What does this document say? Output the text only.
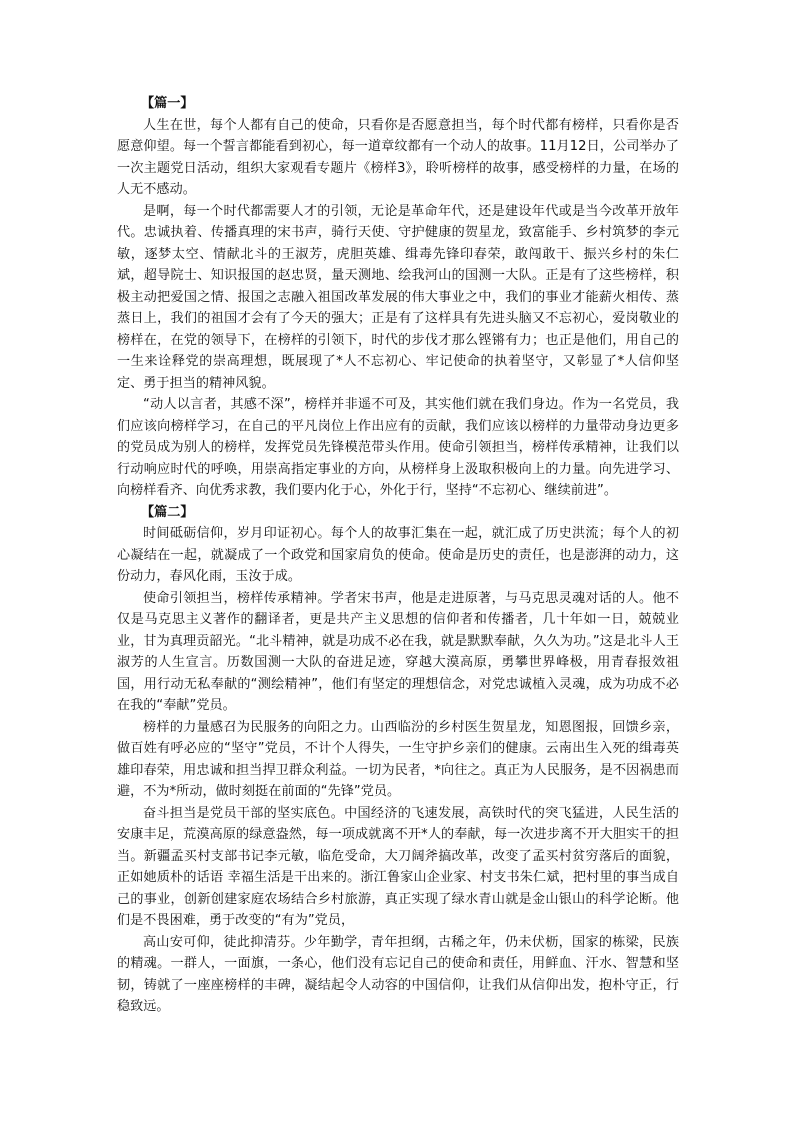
【篇一】

人生在世，每个人都有自己的使命，只看你是否愿意担当，每个时代都有榜样，只看你是否愿意仰望。每一个誓言都能看到初心，每一道章纹都有一个动人的故事。11月12日，公司举办了一次主题党日活动，组织大家观看专题片《榜样3》，聆听榜样的故事，感受榜样的力量，在场的人无不感动。

是啊，每一个时代都需要人才的引领，无论是革命年代，还是建设年代或是当今改革开放年代。忠诚执着、传播真理的宋书声，骑行天使、守护健康的贺星龙，致富能手、乡村筑梦的李元敏，逐梦太空、情献北斗的王淑芳，虎胆英雄、缉毒先锋印春荣，敢闯敢干、振兴乡村的朱仁斌，超导院士、知识报国的赵忠贤，量天测地、绘我河山的国测一大队。正是有了这些榜样，积极主动把爱国之情、报国之志融入祖国改革发展的伟大事业之中，我们的事业才能薪火相传、蒸蒸日上，我们的祖国才会有了今天的强大；正是有了这样具有先进头脑又不忘初心，爱岗敬业的榜样在，在党的领导下，在榜样的引领下，时代的步伐才那么铿锵有力；也正是他们，用自己的一生来诠释党的崇高理想，既展现了*人不忘初心、牢记使命的执着坚守，又彰显了*人信仰坚定、勇于担当的精神风貌。

“动人以言者，其感不深”，榜样并非遥不可及，其实他们就在我们身边。作为一名党员，我们应该向榜样学习，在自己的平凡岗位上作出应有的贡献，我们应该以榜样的力量带动身边更多的党员成为别人的榜样，发挥党员先锋模范带头作用。使命引领担当，榜样传承精神，让我们以行动响应时代的呼唤，用崇高指定事业的方向，从榜样身上汲取积极向上的力量。向先进学习、向榜样看齐、向优秀求教，我们要内化于心，外化于行，坚持“不忘初心、继续前进”。

【篇二】

时间砥砺信仰，岁月印证初心。每个人的故事汇集在一起，就汇成了历史洪流；每个人的初心凝结在一起，就凝成了一个政党和国家肩负的使命。使命是历史的责任，也是澎湃的动力，这份动力，春风化雨，玉汝于成。

使命引领担当，榜样传承精神。学者宋书声，他是走进原著，与马克思灵魂对话的人。他不仅是马克思主义著作的翻译者，更是共产主义思想的信仰者和传播者，几十年如一日，兢兢业业，甘为真理贡韶光。“北斗精神，就是功成不必在我，就是默默奉献，久久为功。”这是北斗人王淑芳的人生宣言。历数国测一大队的奋进足迹，穿越大漠高原，勇攀世界峰极，用青春报效祖国，用行动无私奉献的“测绘精神”，他们有坚定的理想信念，对党忠诚植入灵魂，成为功成不必在我的“奉献”党员。

榜样的力量感召为民服务的向阳之力。山西临汾的乡村医生贺星龙，知恩图报，回馈乡亲，做百姓有呼必应的“坚守”党员，不计个人得失，一生守护乡亲们的健康。云南出生入死的缉毒英雄印春荣，用忠诚和担当捍卫群众利益。一切为民者，*向往之。真正为人民服务，是不因祸患而避，不为*所动，做时刻挺在前面的“先锋”党员。

奋斗担当是党员干部的坚实底色。中国经济的飞速发展，高铁时代的突飞猛进，人民生活的安康丰足，荒漠高原的绿意盎然，每一项成就离不开*人的奉献，每一次进步离不开大胆实干的担当。新疆孟买村支部书记李元敏，临危受命，大刀阔斧搞改革，改变了孟买村贫穷落后的面貌，正如她质朴的话语 幸福生活是干出来的。浙江鲁家山企业家、村支书朱仁斌，把村里的事当成自己的事业，创新创建家庭农场结合乡村旅游，真正实现了绿水青山就是金山银山的科学论断。他们是不畏困难，勇于改变的“有为”党员，

高山安可仰，徒此抑清芬。少年勤学，青年担纲，古稀之年，仍未伏枥，国家的栋梁，民族的精魂。一群人，一面旗，一条心，他们没有忘记自己的使命和责任，用鲜血、汗水、智慧和坚韧，铸就了一座座榜样的丰碑，凝结起令人动容的中国信仰，让我们从信仰出发，抱朴守正，行稳致远。
